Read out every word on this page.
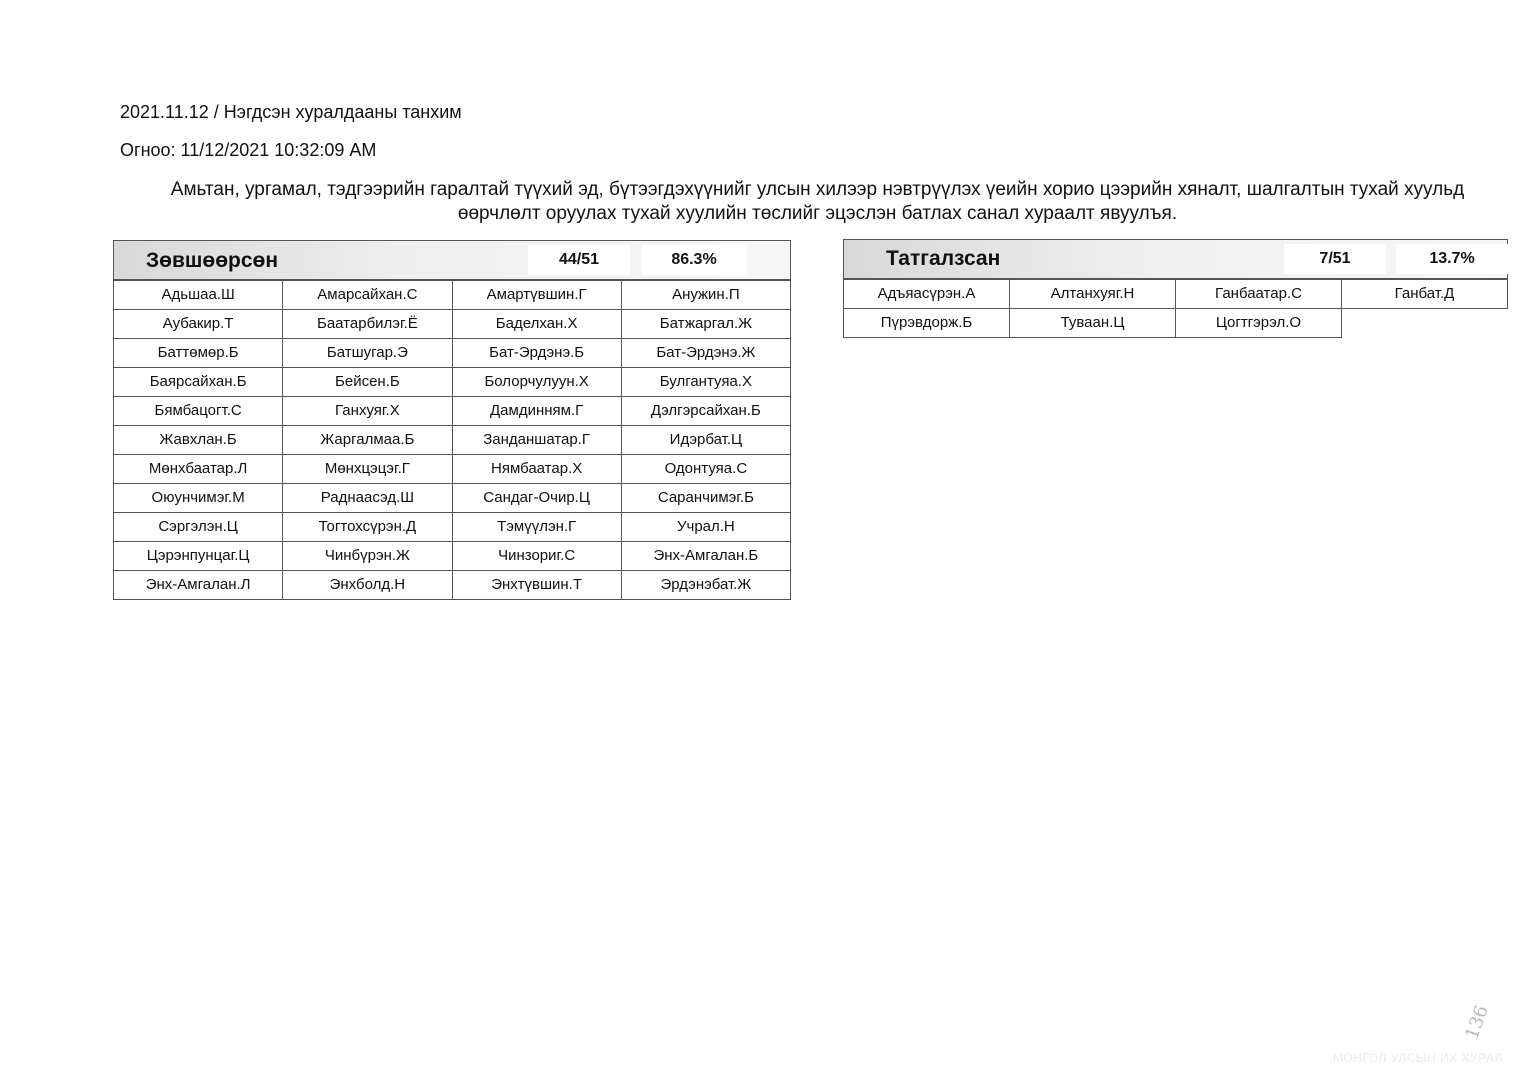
2021.11.12 / Нэгдсэн хуралдааны танхим
Огноо: 11/12/2021 10:32:09 AM
Амьтан, ургамал, тэдгээрийн гаралтай түүхий эд, бүтээгдэхүүнийг улсын хилээр нэвтрүүлэх үеийн хорио цээрийн хяналт, шалгалтын тухай хуульд өөрчлөлт оруулах тухай хуулийн төслийг эцэслэн батлах санал хураалт явуулъя.
Зөвшөөрсөн	44/51	86.3%
Адьшаа.Ш	Амарсайхан.С	Амартүвшин.Г	Анужин.П
Аубакир.Т	Баатарбилэг.Ё	Баделхан.Х	Батжаргал.Ж
Баттөмөр.Б	Батшугар.Э	Бат-Эрдэнэ.Б	Бат-Эрдэнэ.Ж
Баярсайхан.Б	Бейсен.Б	Болорчулуун.Х	Булгантуяа.Х
Бямбацогт.С	Ганхуяг.Х	Дамдинням.Г	Дэлгэрсайхан.Б
Жавхлан.Б	Жаргалмаа.Б	Занданшатар.Г	Идэрбат.Ц
Мөнхбаатар.Л	Мөнхцэцэг.Г	Нямбаатар.Х	Одонтуяа.С
Оюунчимэг.М	Раднаасэд.Ш	Сандаг-Очир.Ц	Саранчимэг.Б
Сэргэлэн.Ц	Тогтохсүрэн.Д	Тэмүүлэн.Г	Учрал.Н
Цэрэнпунцаг.Ц	Чинбүрэн.Ж	Чинзориг.С	Энх-Амгалан.Б
Энх-Амгалан.Л	Энхболд.Н	Энхтүвшин.Т	Эрдэнэбат.Ж
Татгалзсан	7/51	13.7%
Адъяасүрэн.А	Алтанхуяг.Н	Ганбаатар.С	Ганбат.Д
Пүрэвдорж.Б	Туваан.Ц	Цогтгэрэл.О	
136
МОНГОЛ УЛСЫН ИХ ХУРАЛ
